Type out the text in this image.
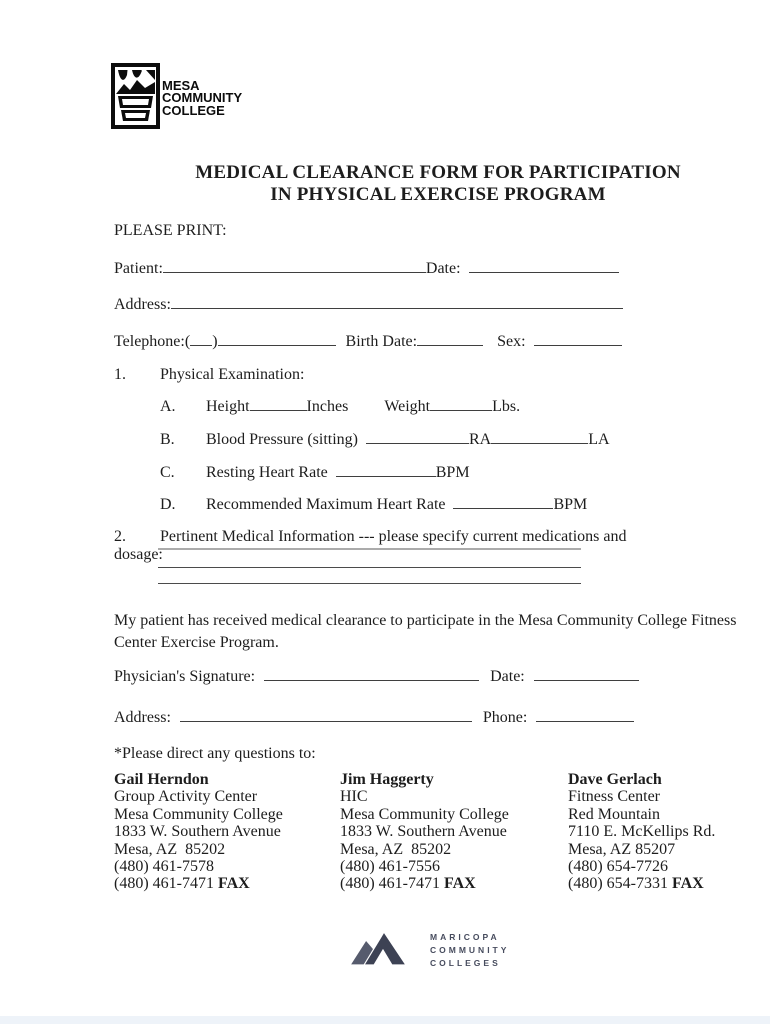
MESA
COMMUNITY
COLLEGE
MEDICAL CLEARANCE FORM FOR PARTICIPATION
IN PHYSICAL EXERCISE PROGRAM
PLEASE PRINT:
Patient:	Date:
Address:
Telephone:( )	Birth Date:	Sex:
1. Physical Examination:
A. Height	Inches Weight	Lbs.
B. Blood Pressure (sitting)	RA	LA
C. Resting Heart Rate	BPM
D. Recommended Maximum Heart Rate	BPM
2. Pertinent Medical Information --- please specify current medications and dosage:
My patient has received medical clearance to participate in the Mesa Community College Fitness Center Exercise Program.
Physician's Signature:	Date:
Address:	Phone:
*Please direct any questions to:
Gail Herndon
Group Activity Center
Mesa Community College
1833 W. Southern Avenue
Mesa, AZ  85202
(480) 461-7578
(480) 461-7471 FAX
Jim Haggerty
HIC
Mesa Community College
1833 W. Southern Avenue
Mesa, AZ  85202
(480) 461-7556
(480) 461-7471 FAX
Dave Gerlach
Fitness Center
Red Mountain
7110 E. McKellips Rd.
Mesa, AZ 85207
(480) 654-7726
(480) 654-7331 FAX
MARICOPA
COMMUNITY
COLLEGES
